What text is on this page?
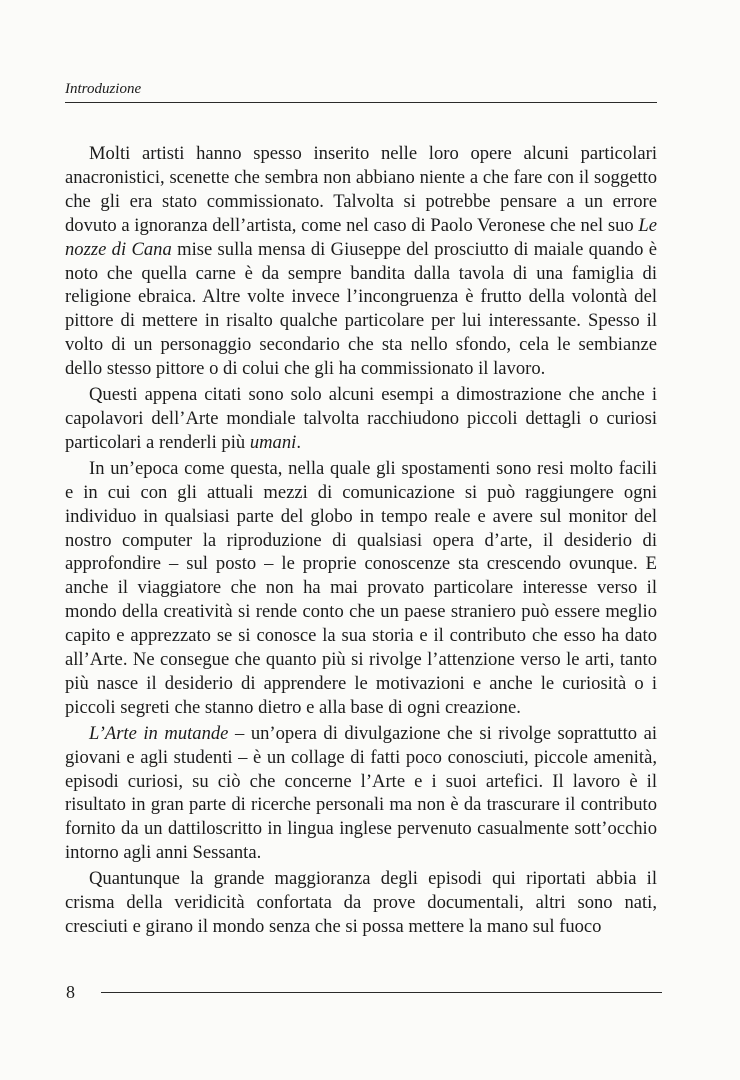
Introduzione

Molti artisti hanno spesso inserito nelle loro opere alcuni particolari anacronistici, scenette che sembra non abbiano niente a che fare con il soggetto che gli era stato commissionato. Talvolta si potrebbe pensare a un errore dovuto a ignoranza dell’artista, come nel caso di Paolo Veronese che nel suo Le nozze di Cana mise sulla mensa di Giuseppe del prosciutto di maiale quando è noto che quella carne è da sempre bandita dalla tavola di una famiglia di religione ebraica. Altre volte invece l’incongruenza è frutto della volontà del pittore di mettere in risalto qualche particolare per lui interessante. Spesso il volto di un personaggio secondario che sta nello sfondo, cela le sembianze dello stesso pittore o di colui che gli ha commissionato il lavoro.

Questi appena citati sono solo alcuni esempi a dimostrazione che anche i capolavori dell’Arte mondiale talvolta racchiudono piccoli dettagli o curiosi particolari a renderli più umani.

In un’epoca come questa, nella quale gli spostamenti sono resi molto facili e in cui con gli attuali mezzi di comunicazione si può raggiungere ogni individuo in qualsiasi parte del globo in tempo reale e avere sul monitor del nostro computer la riproduzione di qualsiasi opera d’arte, il desiderio di approfondire – sul posto – le proprie conoscenze sta crescendo ovunque. E anche il viaggiatore che non ha mai provato particolare interesse verso il mondo della creatività si rende conto che un paese straniero può essere meglio capito e apprezzato se si conosce la sua storia e il contributo che esso ha dato all’Arte. Ne consegue che quanto più si rivolge l’attenzione verso le arti, tanto più nasce il desiderio di apprendere le motivazioni e anche le curiosità o i piccoli segreti che stanno dietro e alla base di ogni creazione.

L’Arte in mutande – un’opera di divulgazione che si rivolge soprattutto ai giovani e agli studenti – è un collage di fatti poco conosciuti, piccole amenità, episodi curiosi, su ciò che concerne l’Arte e i suoi artefici. Il lavoro è il risultato in gran parte di ricerche personali ma non è da trascurare il contributo fornito da un dattiloscritto in lingua inglese pervenuto casualmente sott’occhio intorno agli anni Sessanta.

Quantunque la grande maggioranza degli episodi qui riportati abbia il crisma della veridicità confortata da prove documentali, altri sono nati, cresciuti e girano il mondo senza che si possa mettere la mano sul fuoco

8
